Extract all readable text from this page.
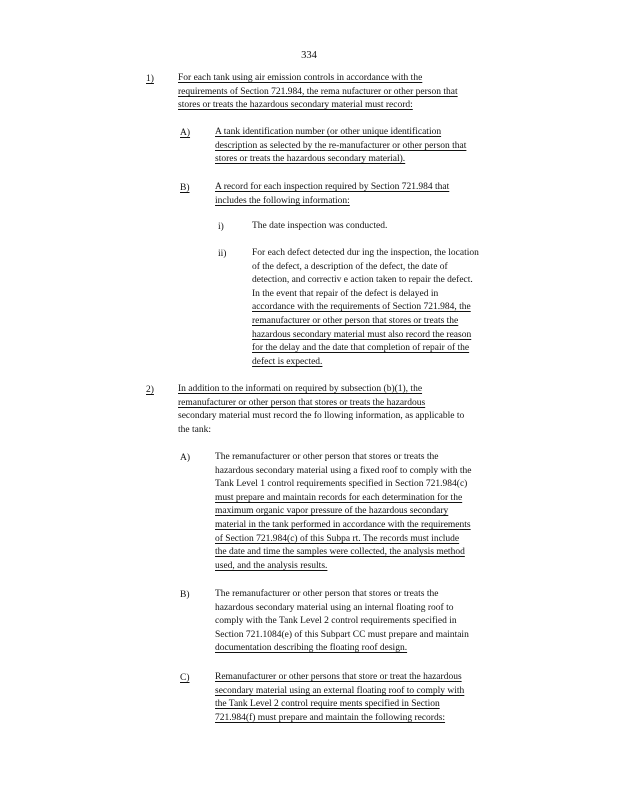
334
1)	For each tank using air emission controls in accordance with the
requirements of Section 721.984, the rema nufacturer or other person that
stores or treats the hazardous secondary material must record:
A)	A tank identification number (or other unique identification
description as selected by the re-manufacturer or other person that
stores or treats the hazardous secondary material).
B)	A record for each inspection required by Section 721.984 that
includes the following information:
i)	The date inspection was conducted.
ii)	For each defect detected dur ing the inspection, the location
of the defect, a description of the defect, the date of
detection, and correctiv e action taken to repair the defect.
In the event that repair of the defect is delayed in
accordance with the requirements of Section 721.984, the
remanufacturer or other person that stores or treats the
hazardous secondary material must also record the reason
for the delay and the date that completion of repair of the
defect is expected.
2)	In addition to the informati on required by subsection (b)(1), the
remanufacturer or other person that stores or treats the hazardous
secondary material must record the fo llowing information, as applicable to
the tank:
A)	The remanufacturer or other person that stores or treats the
hazardous secondary material using a fixed roof to comply with the
Tank Level 1 control requirements specified in Section 721.984(c)
must prepare and maintain records for each determination for the
maximum organic vapor pressure of the hazardous secondary
material in the tank performed in accordance with the requirements
of Section 721.984(c) of this Subpa rt. The records must include
the date and time the samples were collected, the analysis method
used, and the analysis results.
B)	The remanufacturer or other person that stores or treats the
hazardous secondary material using an internal floating roof to
comply with the Tank Level 2 control requirements specified in
Section 721.1084(e) of this Subpart CC must prepare and maintain
documentation describing the floating roof design.
C)	Remanufacturer or other persons that store or treat the hazardous
secondary material using an external floating roof to comply with
the Tank Level 2 control require ments specified in Section
721.984(f) must prepare and maintain the following records:
